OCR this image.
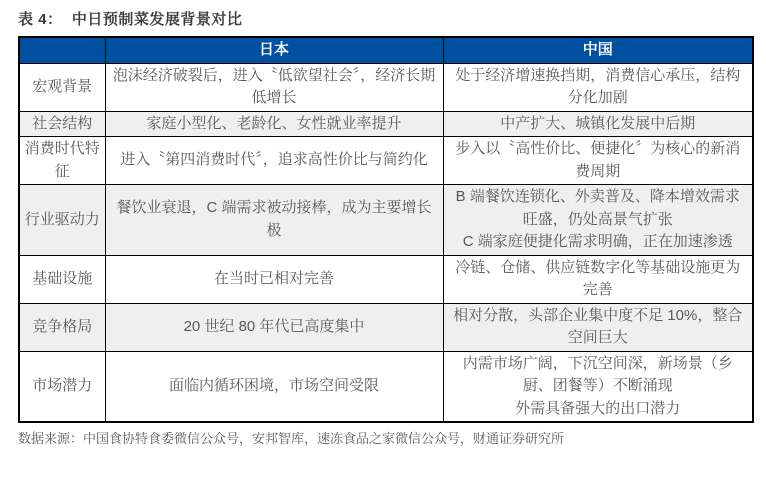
表 4：  中日预制菜发展背景对比
	日本	中国
宏观背景	泡沫经济破裂后，进入〝低欲望社会〞，经济长期低增长	处于经济增速换挡期，消费信心承压，结构分化加剧

社会结构	家庭小型化、老龄化、女性就业率提升	中产扩大、城镇化发展中后期

消费时代特征	进入〝第四消费时代〞，追求高性价比与简约化	步入以〝高性价比、便捷化〞为核心的新消费周期

行业驱动力	餐饮业衰退，C 端需求被动接棒，成为主要增长极	B 端餐饮连锁化、外卖普及、降本增效需求旺盛，仍处高景气扩张
C 端家庭便捷化需求明确，正在加速渗透

基础设施	在当时已相对完善	冷链、仓储、供应链数字化等基础设施更为完善

竞争格局	20 世纪 80 年代已高度集中	相对分散，头部企业集中度不足 10%，整合空间巨大

市场潜力	面临内循环困境，市场空间受限	内需市场广阔，下沉空间深，新场景（乡厨、团餐等）不断涌现
外需具备强大的出口潜力
数据来源：中国食协特食委微信公众号，安邦智库，速冻食品之家微信公众号，财通证券研究所
